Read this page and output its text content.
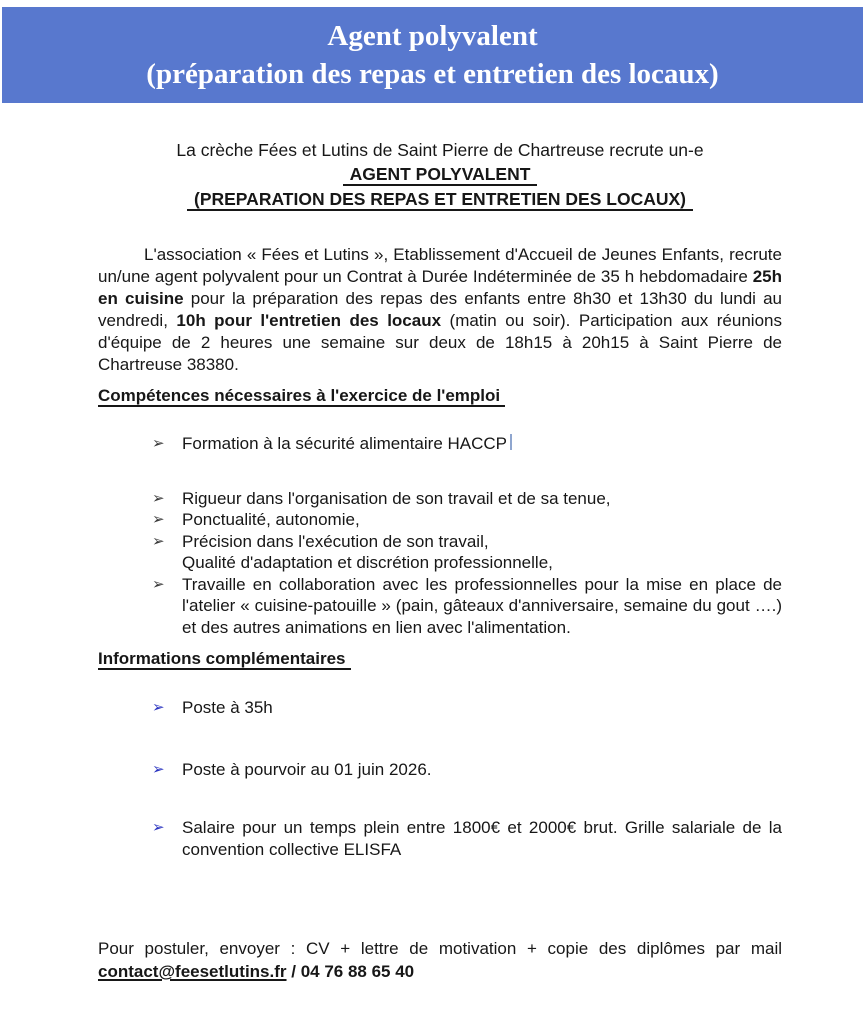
Agent polyvalent
(préparation des repas et entretien des locaux)
La crèche Fées et Lutins de Saint Pierre de Chartreuse recrute un-e
AGENT POLYVALENT
(PREPARATION DES REPAS ET ENTRETIEN DES LOCAUX)
L'association « Fées et Lutins », Etablissement d'Accueil de Jeunes Enfants, recrute un/une agent polyvalent pour un Contrat à Durée Indéterminée de 35 h hebdomadaire 25h en cuisine pour la préparation des repas des enfants entre 8h30 et 13h30 du lundi au vendredi, 10h pour l'entretien des locaux (matin ou soir). Participation aux réunions d'équipe de 2 heures une semaine sur deux de 18h15 à 20h15 à Saint Pierre de Chartreuse 38380.
Compétences nécessaires à l'exercice de l'emploi
➢	Formation à la sécurité alimentaire HACCP
➢	Rigueur dans l'organisation de son travail et de sa tenue,
➢	Ponctualité, autonomie,
➢	Précision dans l'exécution de son travail,
Qualité d'adaptation et discrétion professionnelle,
➢	Travaille en collaboration avec les professionnelles pour la mise en place de l'atelier « cuisine-patouille » (pain, gâteaux d'anniversaire, semaine du gout ….) et des autres animations en lien avec l'alimentation.
Informations complémentaires
➢	Poste à 35h
➢	Poste à pourvoir au 01 juin 2026.
➢	Salaire pour un temps plein entre 1800€ et 2000€ brut. Grille salariale de la convention collective ELISFA
Pour postuler, envoyer : CV + lettre de motivation + copie des diplômes par mail
contact@feesetlutins.fr / 04 76 88 65 40
